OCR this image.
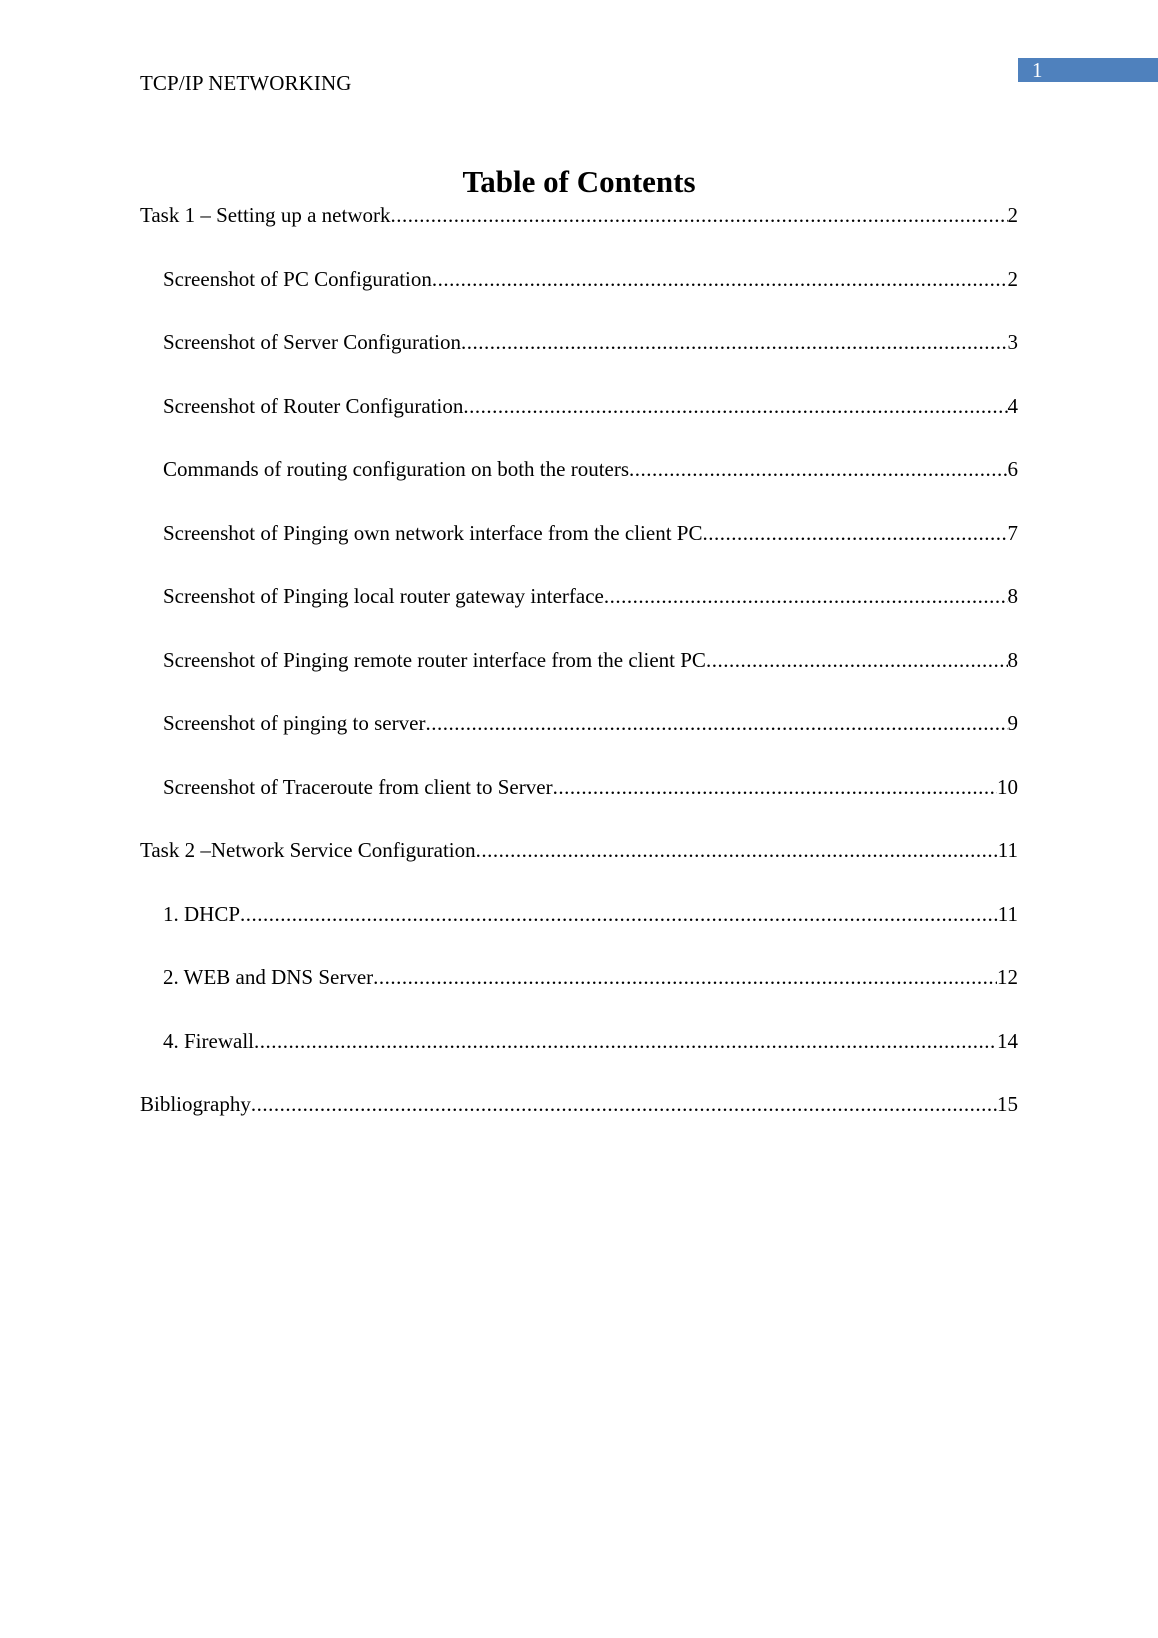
1
TCP/IP NETWORKING
Table of Contents
Task 1 – Setting up a network .....	2
Screenshot of PC Configuration .....	2
Screenshot of Server Configuration .....	3
Screenshot of Router Configuration .....	4
Commands of routing configuration on both the routers .....	6
Screenshot of Pinging own network interface from the client PC .....	7
Screenshot of Pinging local router gateway interface .....	8
Screenshot of Pinging remote router interface from the client PC .....	8
Screenshot of pinging to server .....	9
Screenshot of Traceroute from client to Server .....	10
Task 2 –Network Service Configuration .....	11
1. DHCP .....	11
2. WEB and DNS Server .....	12
4. Firewall .....	14
Bibliography .....	15
